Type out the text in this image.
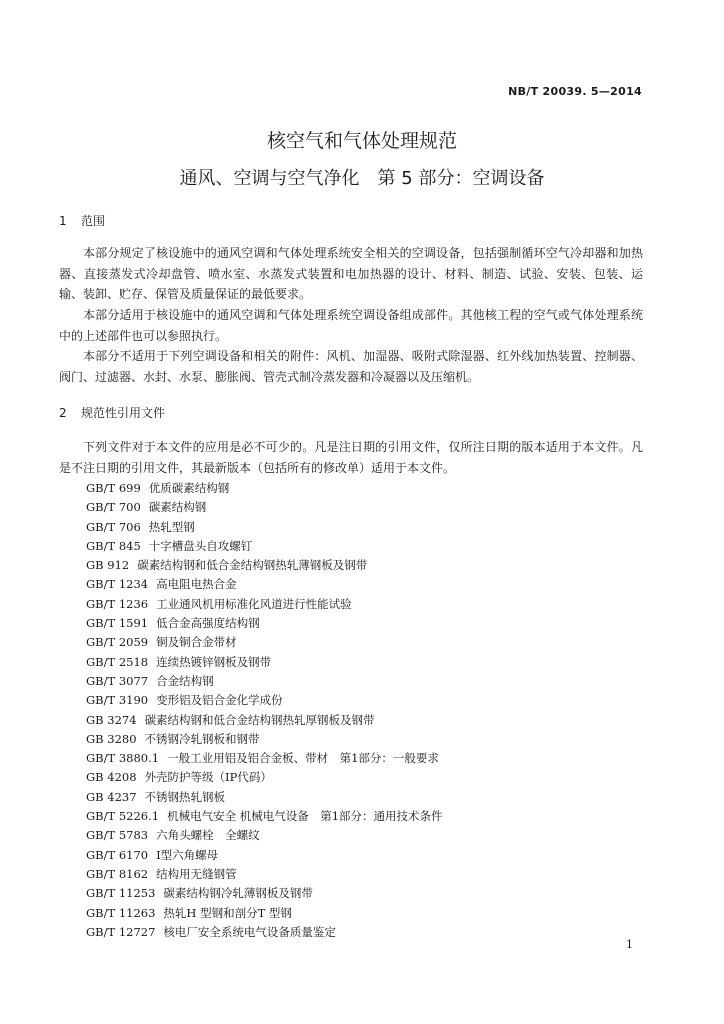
NB/T 20039. 5—2014
核空气和气体处理规范
通风、空调与空气净化　第 5 部分：空调设备
1 范围

本部分规定了核设施中的通风空调和气体处理系统安全相关的空调设备，包括强制循环空气冷却器和加热器、直接蒸发式冷却盘管、喷水室、水蒸发式装置和电加热器的设计、材料、制造、试验、安装、包装、运输、装卸、贮存、保管及质量保证的最低要求。

本部分适用于核设施中的通风空调和气体处理系统空调设备组成部件。其他核工程的空气或气体处理系统中的上述部件也可以参照执行。

本部分不适用于下列空调设备和相关的附件：风机、加湿器、吸附式除湿器、红外线加热装置、控制器、阀门、过滤器、水封、水泵、膨胀阀、管壳式制冷蒸发器和冷凝器以及压缩机。

2 规范性引用文件

下列文件对于本文件的应用是必不可少的。凡是注日期的引用文件，仅所注日期的版本适用于本文件。凡是不注日期的引用文件，其最新版本（包括所有的修改单）适用于本文件。

GB/T 699 优质碳素结构钢
GB/T 700 碳素结构钢
GB/T 706 热轧型钢
GB/T 845 十字槽盘头自攻螺钉
GB 912 碳素结构钢和低合金结构钢热轧薄钢板及钢带
GB/T 1234 高电阻电热合金
GB/T 1236 工业通风机用标准化风道进行性能试验
GB/T 1591 低合金高强度结构钢
GB/T 2059 铜及铜合金带材
GB/T 2518 连续热镀锌钢板及钢带
GB/T 3077 合金结构钢
GB/T 3190 变形铝及铝合金化学成份
GB 3274 碳素结构钢和低合金结构钢热轧厚钢板及钢带
GB 3280 不锈钢冷轧钢板和钢带
GB/T 3880.1 一般工业用铝及铝合金板、带材　第1部分：一般要求
GB 4208 外壳防护等级（IP代码）
GB 4237 不锈钢热轧钢板
GB/T 5226.1 机械电气安全 机械电气设备　第1部分：通用技术条件
GB/T 5783 六角头螺栓　全螺纹
GB/T 6170 I型六角螺母
GB/T 8162 结构用无缝钢管
GB/T 11253 碳素结构钢冷轧薄钢板及钢带
GB/T 11263 热轧H 型钢和剖分T 型钢
GB/T 12727 核电厂安全系统电气设备质量鉴定
1
